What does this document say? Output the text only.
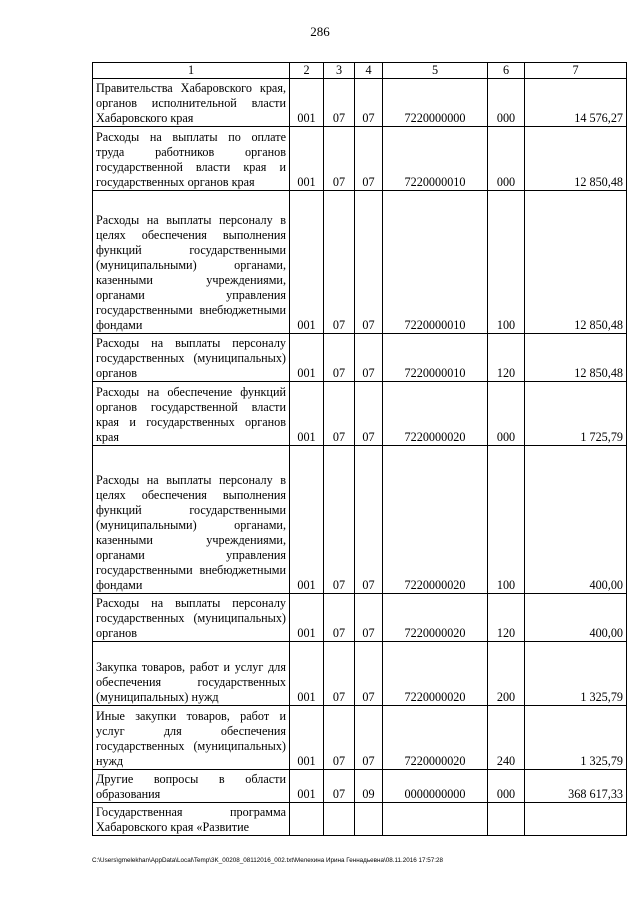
286
1	2	3	4	5	6	7
Правительства Хабаровского края, органов исполнительной власти Хабаровского края	001	07	07	7220000000	000	14 576,27
Расходы на выплаты по оплате труда работников органов государственной власти края и государственных органов края	001	07	07	7220000010	000	12 850,48
Расходы на выплаты персоналу в целях обеспечения выполнения функций государственными (муниципальными) органами, казенными учреждениями, органами управления государственными внебюджетными фондами	001	07	07	7220000010	100	12 850,48
Расходы на выплаты персоналу государственных (муниципальных) органов	001	07	07	7220000010	120	12 850,48
Расходы на обеспечение функций органов государственной власти края и государственных органов края	001	07	07	7220000020	000	1 725,79
Расходы на выплаты персоналу в целях обеспечения выполнения функций государственными (муниципальными) органами, казенными учреждениями, органами управления государственными внебюджетными фондами	001	07	07	7220000020	100	400,00
Расходы на выплаты персоналу государственных (муниципальных) органов	001	07	07	7220000020	120	400,00
Закупка товаров, работ и услуг для обеспечения государственных (муниципальных) нужд	001	07	07	7220000020	200	1 325,79
Иные закупки товаров, работ и услуг для обеспечения государственных (муниципальных) нужд	001	07	07	7220000020	240	1 325,79
Другие вопросы в области образования	001	07	09	0000000000	000	368 617,33
Государственная программа Хабаровского края «Развитие						
C:\Users\gmelekhan\AppData\Local\Temp\3K_00208_08112016_002.txt\Мелехина Ирина Геннадьевна\08.11.2016 17:57:28
